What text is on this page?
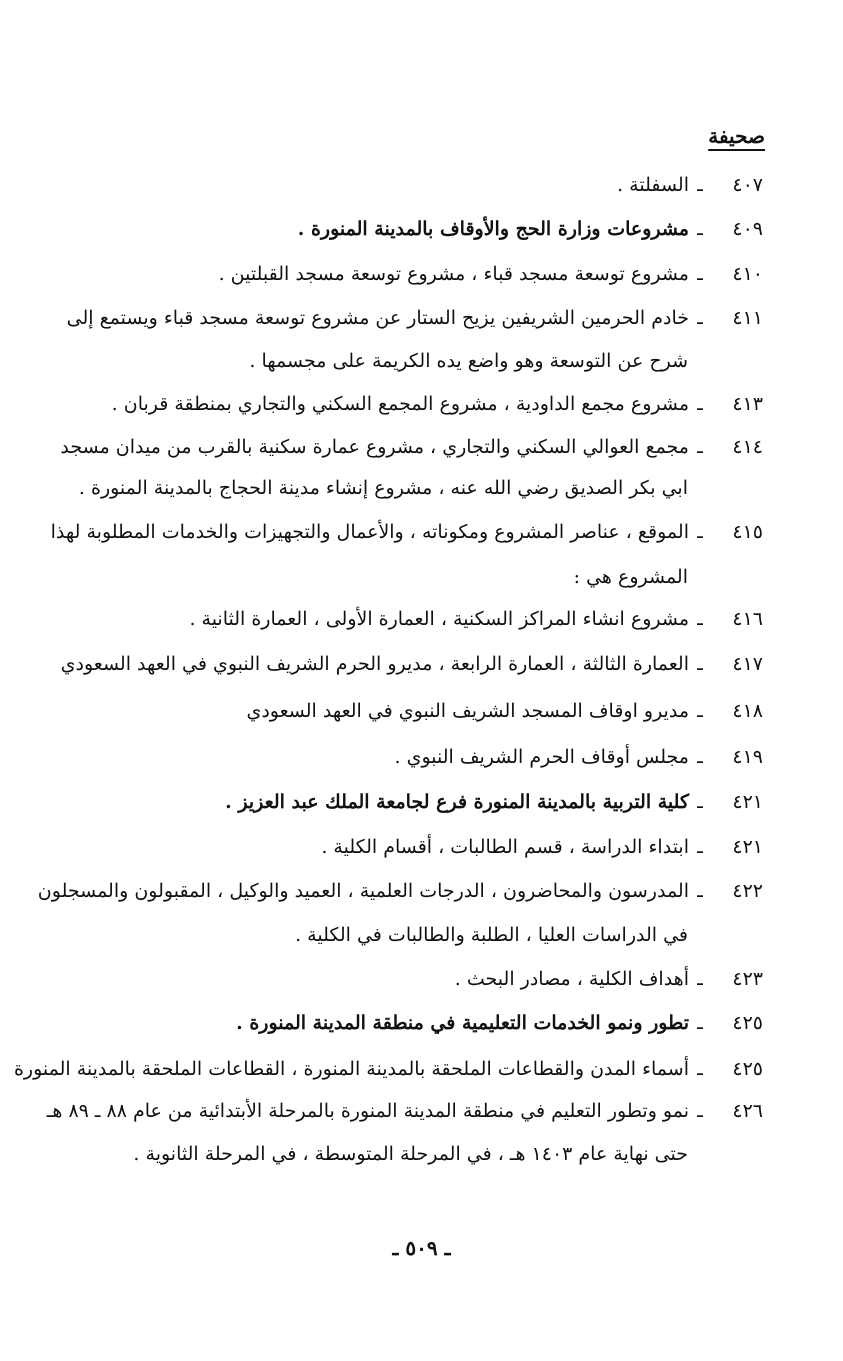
صحيفة
٤٠٧ـالسفلتة .
٤٠٩ـمشروعات وزارة الحج والأوقاف بالمدينة المنورة .
٤١٠ـمشروع توسعة مسجد قباء ، مشروع توسعة مسجد القبلتين .
٤١١ـخادم الحرمين الشريفين يزيح الستار عن مشروع توسعة مسجد قباء ويستمع إلى
شرح عن التوسعة وهو واضع يده الكريمة على مجسمها .
٤١٣ـمشروع مجمع الداودية ، مشروع المجمع السكني والتجاري بمنطقة قربان .
٤١٤ـمجمع العوالي السكني والتجاري ، مشروع عمارة سكنية بالقرب من ميدان مسجد
ابي بكر الصديق رضي الله عنه ، مشروع إنشاء مدينة الحجاج بالمدينة المنورة .
٤١٥ـالموقع ، عناصر المشروع ومكوناته ، والأعمال والتجهيزات والخدمات المطلوبة لهذا
المشروع هي :
٤١٦ـمشروع انشاء المراكز السكنية ، العمارة الأولى ، العمارة الثانية .
٤١٧ـالعمارة الثالثة ، العمارة الرابعة ، مديرو الحرم الشريف النبوي في العهد السعودي
٤١٨ـمديرو اوقاف المسجد الشريف النبوي في العهد السعودي
٤١٩ـمجلس أوقاف الحرم الشريف النبوي .
٤٢١ـكلية التربية بالمدينة المنورة فرع لجامعة الملك عبد العزيز .
٤٢١ـابتداء الدراسة ، قسم الطالبات ، أقسام الكلية .
٤٢٢ـالمدرسون والمحاضرون ، الدرجات العلمية ، العميد والوكيل ، المقبولون والمسجلون
في الدراسات العليا ، الطلبة والطالبات في الكلية .
٤٢٣ـأهداف الكلية ، مصادر البحث .
٤٢٥ـتطور ونمو الخدمات التعليمية في منطقة المدينة المنورة .
٤٢٥ـأسماء المدن والقطاعات الملحقة بالمدينة المنورة ، القطاعات الملحقة بالمدينة المنورة
٤٢٦ـنمو وتطور التعليم في منطقة المدينة المنورة بالمرحلة الأبتدائية من عام ٨٨ ـ ٨٩ هـ
حتى نهاية عام ١٤٠٣ هـ ، في المرحلة المتوسطة ، في المرحلة الثانوية .
ـ ٥٠٩ ـ
